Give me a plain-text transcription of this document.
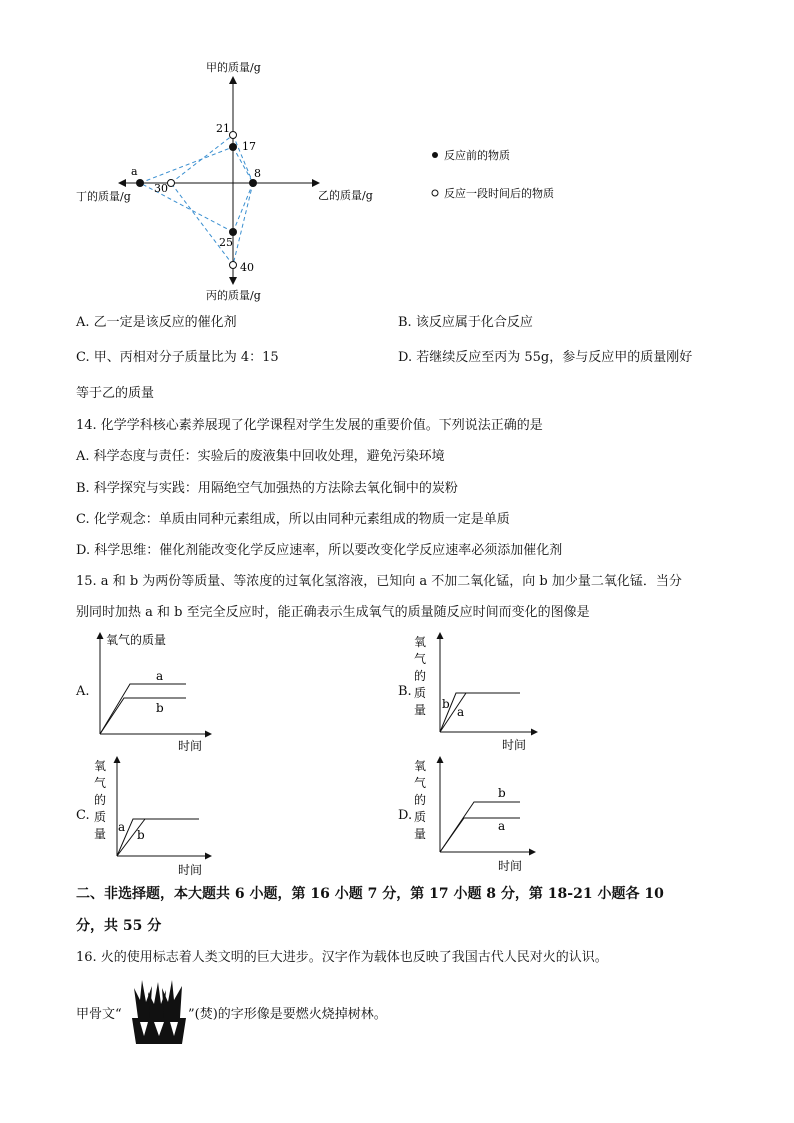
甲的质量/g
乙的质量/g
丙的质量/g
丁的质量/g
21
17
8
a
30
25
40
反应前的物质
反应一段时间后的物质
A. 乙一定是该反应的催化剂	B. 该反应属于化合反应
C. 甲、丙相对分子质量比为 4：15	D. 若继续反应至丙为 55g，参与反应甲的质量刚好
等于乙的质量
14. 化学学科核心素养展现了化学课程对学生发展的重要价值。下列说法正确的是
A. 科学态度与责任：实验后的废液集中回收处理，避免污染环境
B. 科学探究与实践：用隔绝空气加强热的方法除去氧化铜中的炭粉
C. 化学观念：单质由同种元素组成，所以由同种元素组成的物质一定是单质
D. 科学思维：催化剂能改变化学反应速率，所以要改变化学反应速率必须添加催化剂
15. a 和 b 为两份等质量、等浓度的过氧化氢溶液，已知向 a 不加二氧化锰，向 b 加少量二氧化锰．当分
别同时加热 a 和 b 至完全反应时，能正确表示生成氧气的质量随反应时间而变化的图像是
A.
氧气的质量
a
b
时间
B.
氧
气
的
质
量 b
a
时间
C.
氧
气
的
质
量 a
b
时间
D.
氧
气
的
质
量
b
a
时间
二、非选择题，本大题共 6 小题，第 16 小题 7 分，第 17 小题 8 分，第 18-21 小题各 10
分，共 55 分
16. 火的使用标志着人类文明的巨大进步。汉字作为载体也反映了我国古代人民对火的认识。
甲骨文“	”(焚)的字形像是要燃火烧掉树林。
